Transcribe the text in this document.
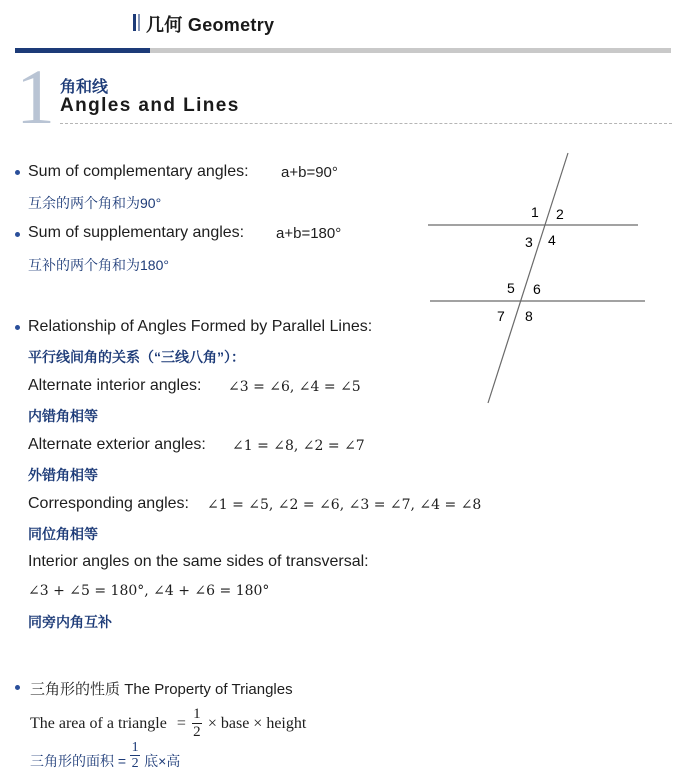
几何 Geometry
1 角和线
Angles and Lines
Sum of complementary angles: a+b=90°
互余的两个角和为90°
Sum of supplementary angles: a+b=180°
互补的两个角和为180°
1 2
3 4
5 6
7 8
Relationship of Angles Formed by Parallel Lines:
平行线间角的关系（“三线八角”）：
Alternate interior angles: ∠3 = ∠6, ∠4 = ∠5
内错角相等
Alternate exterior angles: ∠1 = ∠8, ∠2 = ∠7
外错角相等
Corresponding angles: ∠1 = ∠5, ∠2 = ∠6, ∠3 = ∠7, ∠4 = ∠8
同位角相等
Interior angles on the same sides of transversal:
∠3 + ∠5 = 180°, ∠4 + ∠6 = 180°
同旁内角互补
三角形的性质 The Property of Triangles
The area of a triangle = $\frac{1}{2}$ × base × height
三角形的面积 = $\frac{1}{2}$ 底×高
